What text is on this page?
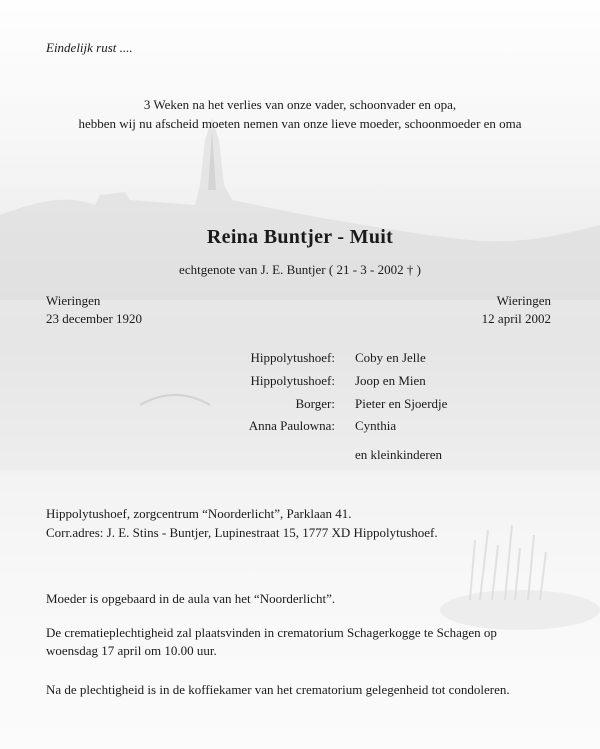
Eindelijk rust ....
3 Weken na het verlies van onze vader, schoonvader en opa,
hebben wij nu afscheid moeten nemen van onze lieve moeder, schoonmoeder en oma
Reina Buntjer - Muit
echtgenote van J. E. Buntjer ( 21 - 3 - 2002 † )
Wieringen
23 december 1920
Wieringen
12 april 2002
Hippolytushoef: Coby en Jelle
Hippolytushoef: Joop en Mien
Borger: Pieter en Sjoerdje
Anna Paulowna: Cynthia
en kleinkinderen
Hippolytushoef, zorgcentrum “Noorderlicht”, Parklaan 41.
Corr.adres: J. E. Stins - Buntjer, Lupinestraat 15, 1777 XD Hippolytushoef.
Moeder is opgebaard in de aula van het “Noorderlicht”.
De crematieplechtigheid zal plaatsvinden in crematorium Schagerkogge te Schagen op
woensdag 17 april om 10.00 uur.
Na de plechtigheid is in de koffiekamer van het crematorium gelegenheid tot condoleren.
